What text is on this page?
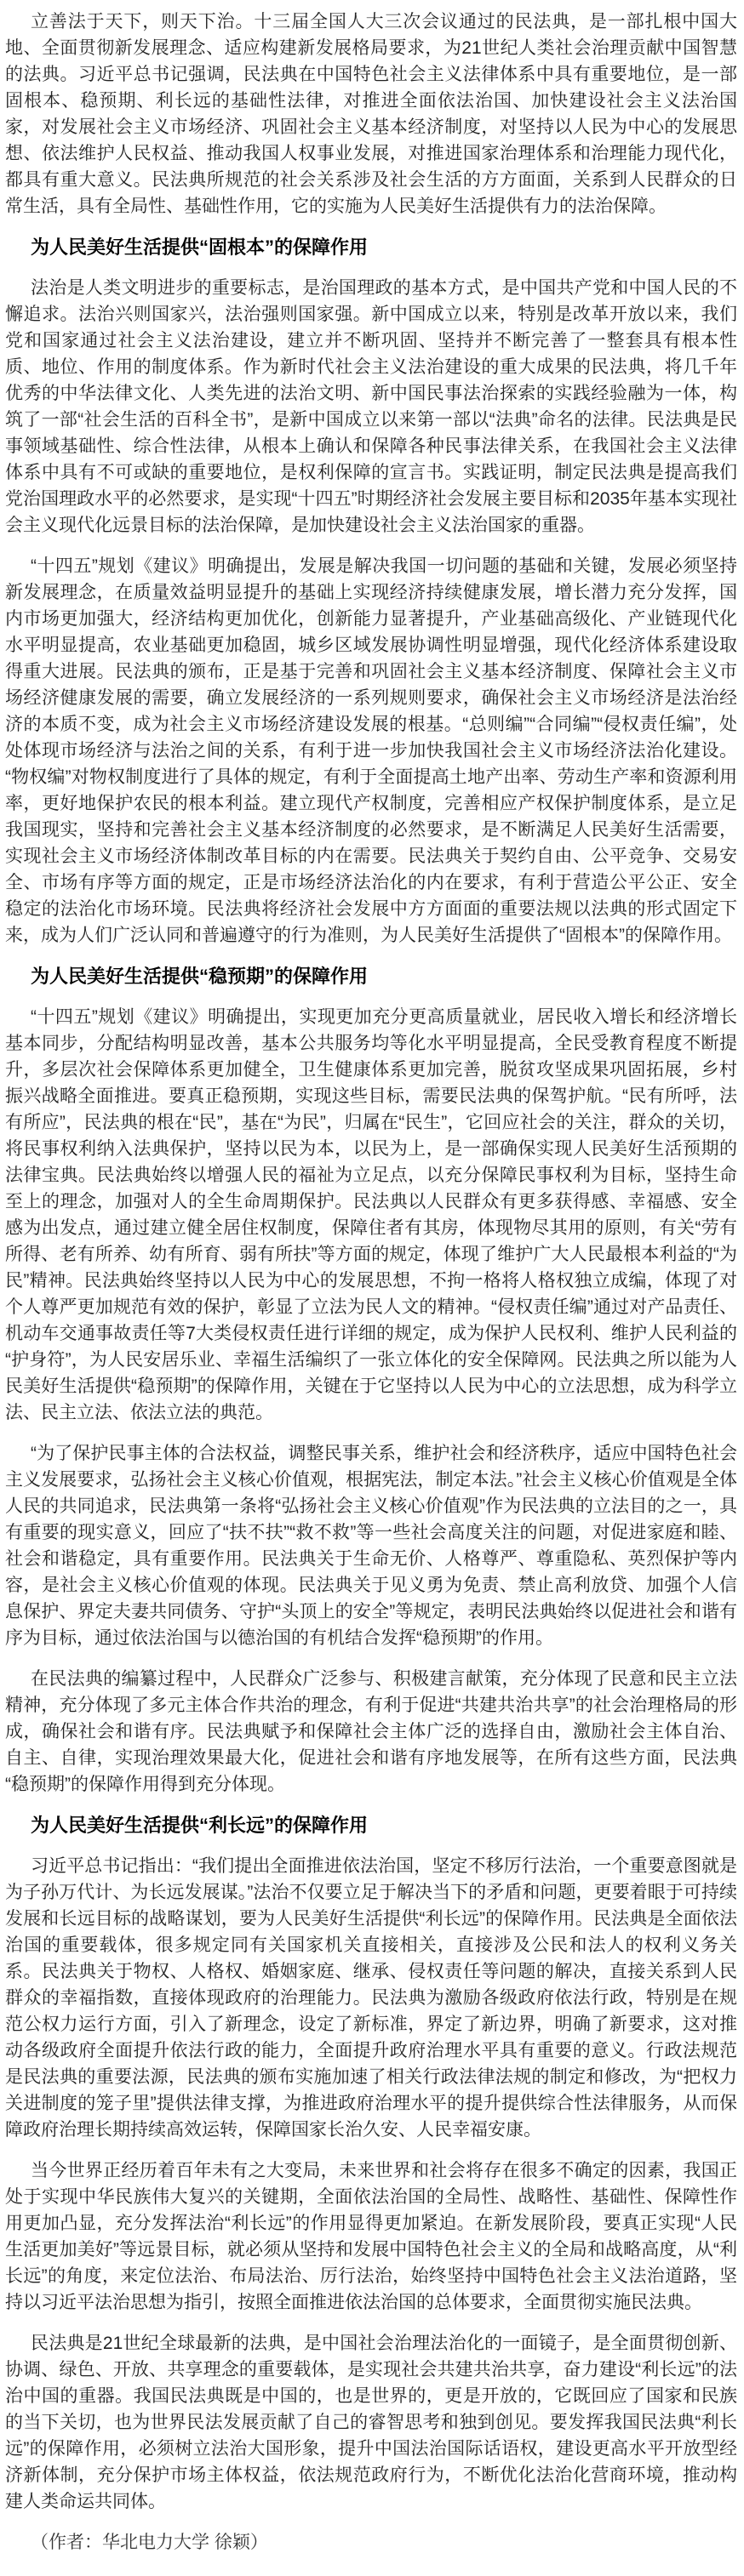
立善法于天下，则天下治。十三届全国人大三次会议通过的民法典，是一部扎根中国大地、全面贯彻新发展理念、适应构建新发展格局要求，为21世纪人类社会治理贡献中国智慧的法典。习近平总书记强调，民法典在中国特色社会主义法律体系中具有重要地位，是一部固根本、稳预期、利长远的基础性法律，对推进全面依法治国、加快建设社会主义法治国家，对发展社会主义市场经济、巩固社会主义基本经济制度，对坚持以人民为中心的发展思想、依法维护人民权益、推动我国人权事业发展，对推进国家治理体系和治理能力现代化，都具有重大意义。民法典所规范的社会关系涉及社会生活的方方面面，关系到人民群众的日常生活，具有全局性、基础性作用，它的实施为人民美好生活提供有力的法治保障。

为人民美好生活提供“固根本”的保障作用

法治是人类文明进步的重要标志，是治国理政的基本方式，是中国共产党和中国人民的不懈追求。法治兴则国家兴，法治强则国家强。新中国成立以来，特别是改革开放以来，我们党和国家通过社会主义法治建设，建立并不断巩固、坚持并不断完善了一整套具有根本性质、地位、作用的制度体系。作为新时代社会主义法治建设的重大成果的民法典，将几千年优秀的中华法律文化、人类先进的法治文明、新中国民事法治探索的实践经验融为一体，构筑了一部“社会生活的百科全书”，是新中国成立以来第一部以“法典”命名的法律。民法典是民事领域基础性、综合性法律，从根本上确认和保障各种民事法律关系，在我国社会主义法律体系中具有不可或缺的重要地位，是权利保障的宣言书。实践证明，制定民法典是提高我们党治国理政水平的必然要求，是实现“十四五”时期经济社会发展主要目标和2035年基本实现社会主义现代化远景目标的法治保障，是加快建设社会主义法治国家的重器。

“十四五”规划《建议》明确提出，发展是解决我国一切问题的基础和关键，发展必须坚持新发展理念，在质量效益明显提升的基础上实现经济持续健康发展，增长潜力充分发挥，国内市场更加强大，经济结构更加优化，创新能力显著提升，产业基础高级化、产业链现代化水平明显提高，农业基础更加稳固，城乡区域发展协调性明显增强，现代化经济体系建设取得重大进展。民法典的颁布，正是基于完善和巩固社会主义基本经济制度、保障社会主义市场经济健康发展的需要，确立发展经济的一系列规则要求，确保社会主义市场经济是法治经济的本质不变，成为社会主义市场经济建设发展的根基。“总则编”“合同编”“侵权责任编”，处处体现市场经济与法治之间的关系，有利于进一步加快我国社会主义市场经济法治化建设。“物权编”对物权制度进行了具体的规定，有利于全面提高土地产出率、劳动生产率和资源利用率，更好地保护农民的根本利益。建立现代产权制度，完善相应产权保护制度体系，是立足我国现实，坚持和完善社会主义基本经济制度的必然要求，是不断满足人民美好生活需要，实现社会主义市场经济体制改革目标的内在需要。民法典关于契约自由、公平竞争、交易安全、市场有序等方面的规定，正是市场经济法治化的内在要求，有利于营造公平公正、安全稳定的法治化市场环境。民法典将经济社会发展中方方面面的重要法规以法典的形式固定下来，成为人们广泛认同和普遍遵守的行为准则，为人民美好生活提供了“固根本”的保障作用。

为人民美好生活提供“稳预期”的保障作用

“十四五”规划《建议》明确提出，实现更加充分更高质量就业，居民收入增长和经济增长基本同步，分配结构明显改善，基本公共服务均等化水平明显提高，全民受教育程度不断提升，多层次社会保障体系更加健全，卫生健康体系更加完善，脱贫攻坚成果巩固拓展，乡村振兴战略全面推进。要真正稳预期，实现这些目标，需要民法典的保驾护航。“民有所呼，法有所应”，民法典的根在“民”，基在“为民”，归属在“民生”，它回应社会的关注，群众的关切，将民事权利纳入法典保护，坚持以民为本，以民为上，是一部确保实现人民美好生活预期的法律宝典。民法典始终以增强人民的福祉为立足点，以充分保障民事权利为目标，坚持生命至上的理念，加强对人的全生命周期保护。民法典以人民群众有更多获得感、幸福感、安全感为出发点，通过建立健全居住权制度，保障住者有其房，体现物尽其用的原则，有关“劳有所得、老有所养、幼有所育、弱有所扶”等方面的规定，体现了维护广大人民最根本利益的“为民”精神。民法典始终坚持以人民为中心的发展思想，不拘一格将人格权独立成编，体现了对个人尊严更加规范有效的保护，彰显了立法为民人文的精神。“侵权责任编”通过对产品责任、机动车交通事故责任等7大类侵权责任进行详细的规定，成为保护人民权利、维护人民利益的“护身符”，为人民安居乐业、幸福生活编织了一张立体化的安全保障网。民法典之所以能为人民美好生活提供“稳预期”的保障作用，关键在于它坚持以人民为中心的立法思想，成为科学立法、民主立法、依法立法的典范。

“为了保护民事主体的合法权益，调整民事关系，维护社会和经济秩序，适应中国特色社会主义发展要求，弘扬社会主义核心价值观，根据宪法，制定本法。”社会主义核心价值观是全体人民的共同追求，民法典第一条将“弘扬社会主义核心价值观”作为民法典的立法目的之一，具有重要的现实意义，回应了“扶不扶”“救不救”等一些社会高度关注的问题，对促进家庭和睦、社会和谐稳定，具有重要作用。民法典关于生命无价、人格尊严、尊重隐私、英烈保护等内容，是社会主义核心价值观的体现。民法典关于见义勇为免责、禁止高利放贷、加强个人信息保护、界定夫妻共同债务、守护“头顶上的安全”等规定，表明民法典始终以促进社会和谐有序为目标，通过依法治国与以德治国的有机结合发挥“稳预期”的作用。

在民法典的编纂过程中，人民群众广泛参与、积极建言献策，充分体现了民意和民主立法精神，充分体现了多元主体合作共治的理念，有利于促进“共建共治共享”的社会治理格局的形成，确保社会和谐有序。民法典赋予和保障社会主体广泛的选择自由，激励社会主体自治、自主、自律，实现治理效果最大化，促进社会和谐有序地发展等，在所有这些方面，民法典“稳预期”的保障作用得到充分体现。

为人民美好生活提供“利长远”的保障作用

习近平总书记指出：“我们提出全面推进依法治国，坚定不移厉行法治，一个重要意图就是为子孙万代计、为长远发展谋。”法治不仅要立足于解决当下的矛盾和问题，更要着眼于可持续发展和长远目标的战略谋划，要为人民美好生活提供“利长远”的保障作用。民法典是全面依法治国的重要载体，很多规定同有关国家机关直接相关，直接涉及公民和法人的权利义务关系。民法典关于物权、人格权、婚姻家庭、继承、侵权责任等问题的解决，直接关系到人民群众的幸福指数，直接体现政府的治理能力。民法典为激励各级政府依法行政，特别是在规范公权力运行方面，引入了新理念，设定了新标准，界定了新边界，明确了新要求，这对推动各级政府全面提升依法行政的能力，全面提升政府治理水平具有重要的意义。行政法规范是民法典的重要法源，民法典的颁布实施加速了相关行政法律法规的制定和修改，为“把权力关进制度的笼子里”提供法律支撑，为推进政府治理水平的提升提供综合性法律服务，从而保障政府治理长期持续高效运转，保障国家长治久安、人民幸福安康。

当今世界正经历着百年未有之大变局，未来世界和社会将存在很多不确定的因素，我国正处于实现中华民族伟大复兴的关键期，全面依法治国的全局性、战略性、基础性、保障性作用更加凸显，充分发挥法治“利长远”的作用显得更加紧迫。在新发展阶段，要真正实现“人民生活更加美好”等远景目标，就必须从坚持和发展中国特色社会主义的全局和战略高度，从“利长远”的角度，来定位法治、布局法治、厉行法治，始终坚持中国特色社会主义法治道路，坚持以习近平法治思想为指引，按照全面推进依法治国的总体要求，全面贯彻实施民法典。

民法典是21世纪全球最新的法典，是中国社会治理法治化的一面镜子，是全面贯彻创新、协调、绿色、开放、共享理念的重要载体，是实现社会共建共治共享，奋力建设“利长远”的法治中国的重器。我国民法典既是中国的，也是世界的，更是开放的，它既回应了国家和民族的当下关切，也为世界民法发展贡献了自己的睿智思考和独到创见。要发挥我国民法典“利长远”的保障作用，必须树立法治大国形象，提升中国法治国际话语权，建设更高水平开放型经济新体制，充分保护市场主体权益，依法规范政府行为，不断优化法治化营商环境，推动构建人类命运共同体。

（作者：华北电力大学 徐颖）
